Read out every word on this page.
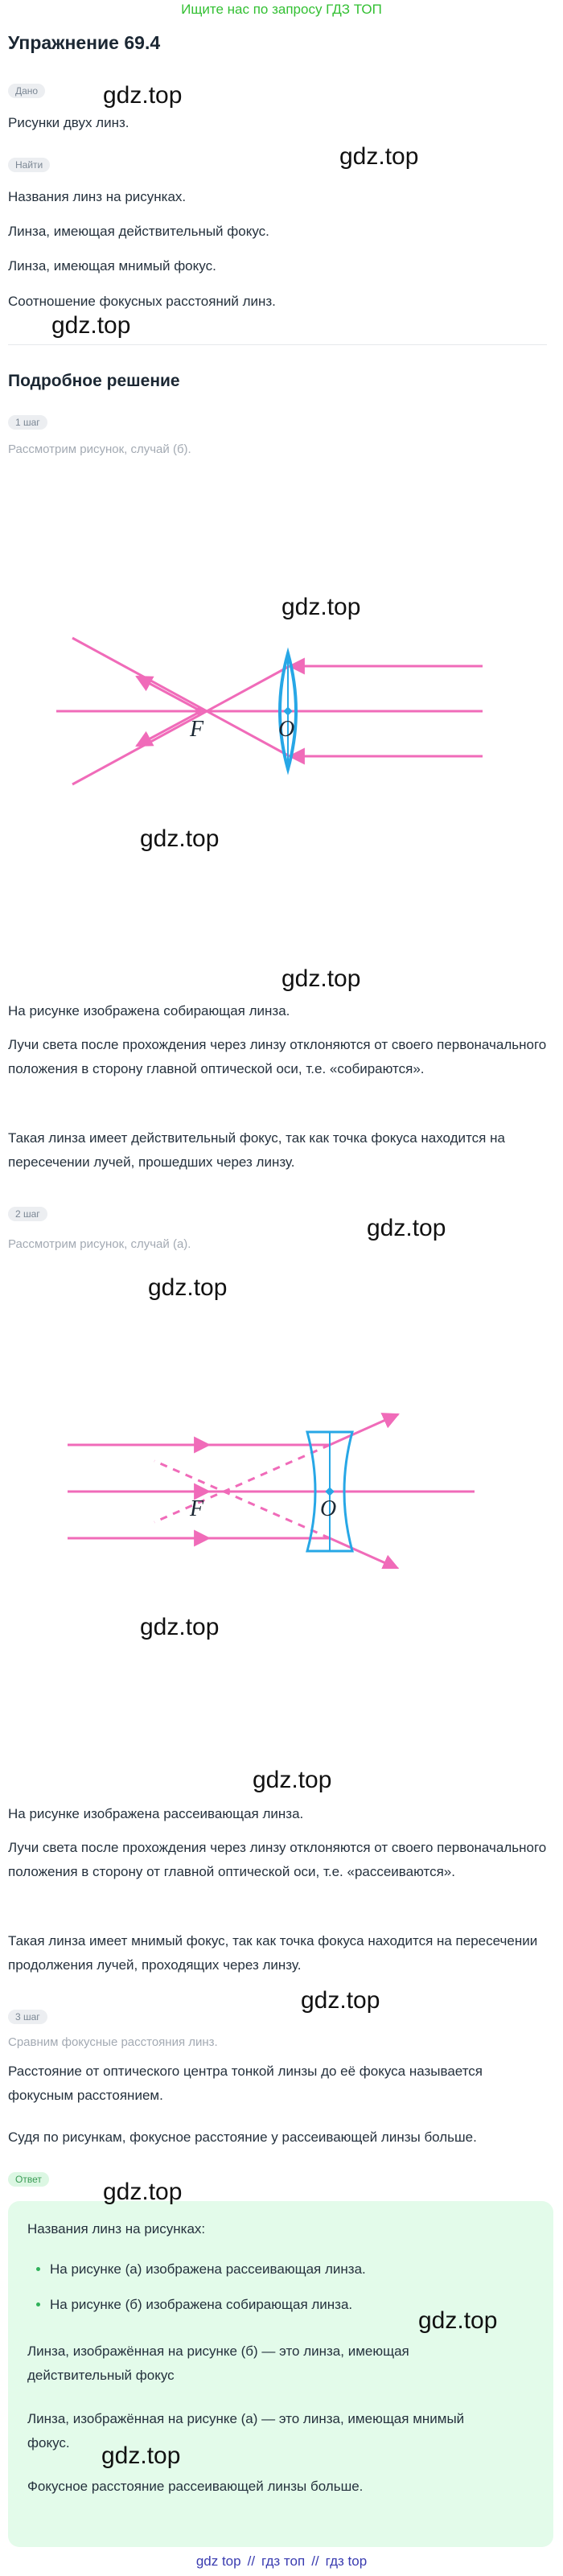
Ищите нас по запросу ГДЗ ТОП
Упражнение 69.4
Дано	gdz.top
Рисунки двух линз.
gdz.top
Найти
Названия линз на рисунках.
Линза, имеющая действительный фокус.
Линза, имеющая мнимый фокус.
Соотношение фокусных расстояний линз.
gdz.top
Подробное решение
1 шаг
Рассмотрим рисунок, случай (б).
gdz.top
F	O
gdz.top
gdz.top
На рисунке изображена собирающая линза.
Лучи света после прохождения через линзу отклоняются от своего первоначального положения в сторону главной оптической оси, т.е. «собираются».
Такая линза имеет действительный фокус, так как точка фокуса находится на пересечении лучей, прошедших через линзу.
2 шаг
gdz.top
Рассмотрим рисунок, случай (а).
gdz.top
F	O
gdz.top
gdz.top
На рисунке изображена рассеивающая линза.
Лучи света после прохождения через линзу отклоняются от своего первоначального положения в сторону от главной оптической оси, т.е. «рассеиваются».
Такая линза имеет мнимый фокус, так как точка фокуса находится на пересечении продолжения лучей, проходящих через линзу.
3 шаг
gdz.top
Сравним фокусные расстояния линз.
Расстояние от оптического центра тонкой линзы до её фокуса называется фокусным расстоянием.
Судя по рисункам, фокусное расстояние у рассеивающей линзы больше.
Ответ	gdz.top
Названия линз на рисунках:
• На рисунке (а) изображена рассеивающая линза.
• На рисунке (б) изображена собирающая линза.
gdz.top
Линза, изображённая на рисунке (б) — это линза, имеющая действительный фокус
Линза, изображённая на рисунке (а) — это линза, имеющая мнимый фокус.	gdz.top
Фокусное расстояние рассеивающей линзы больше.
gdz top // гдз топ // гдз top
